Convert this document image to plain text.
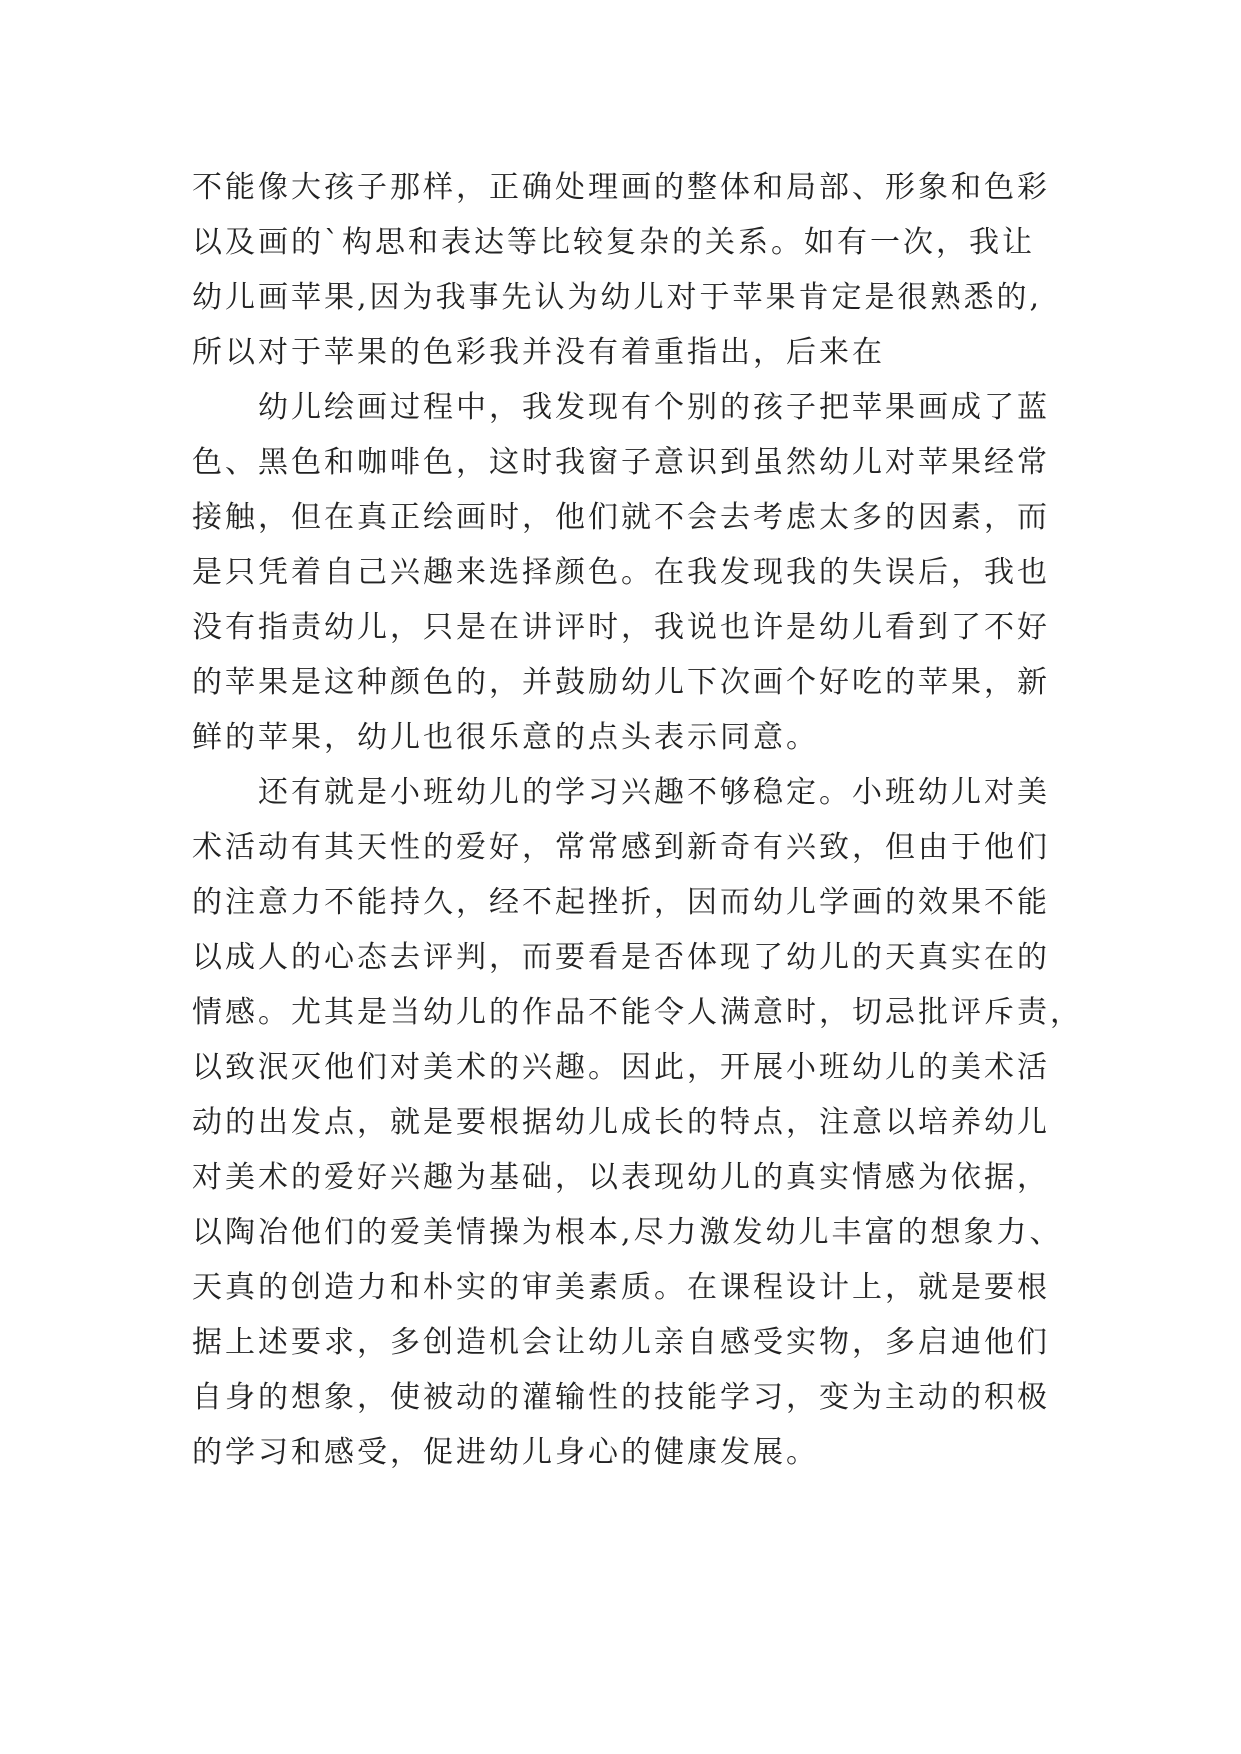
不能像大孩子那样，正确处理画的整体和局部、形象和色彩
以及画的`构思和表达等比较复杂的关系。如有一次，我让
幼儿画苹果,因为我事先认为幼儿对于苹果肯定是很熟悉的,
所以对于苹果的色彩我并没有着重指出，后来在
幼儿绘画过程中，我发现有个别的孩子把苹果画成了蓝
色、黑色和咖啡色，这时我窗子意识到虽然幼儿对苹果经常
接触，但在真正绘画时，他们就不会去考虑太多的因素，而
是只凭着自己兴趣来选择颜色。在我发现我的失误后，我也
没有指责幼儿，只是在讲评时，我说也许是幼儿看到了不好
的苹果是这种颜色的，并鼓励幼儿下次画个好吃的苹果，新
鲜的苹果，幼儿也很乐意的点头表示同意。
还有就是小班幼儿的学习兴趣不够稳定。小班幼儿对美
术活动有其天性的爱好，常常感到新奇有兴致，但由于他们
的注意力不能持久，经不起挫折，因而幼儿学画的效果不能
以成人的心态去评判，而要看是否体现了幼儿的天真实在的
情感。尤其是当幼儿的作品不能令人满意时，切忌批评斥责，
以致泯灭他们对美术的兴趣。因此，开展小班幼儿的美术活
动的出发点，就是要根据幼儿成长的特点，注意以培养幼儿
对美术的爱好兴趣为基础，以表现幼儿的真实情感为依据，
以陶冶他们的爱美情操为根本,尽力激发幼儿丰富的想象力、
天真的创造力和朴实的审美素质。在课程设计上，就是要根
据上述要求，多创造机会让幼儿亲自感受实物，多启迪他们
自身的想象，使被动的灌输性的技能学习，变为主动的积极
的学习和感受，促进幼儿身心的健康发展。
